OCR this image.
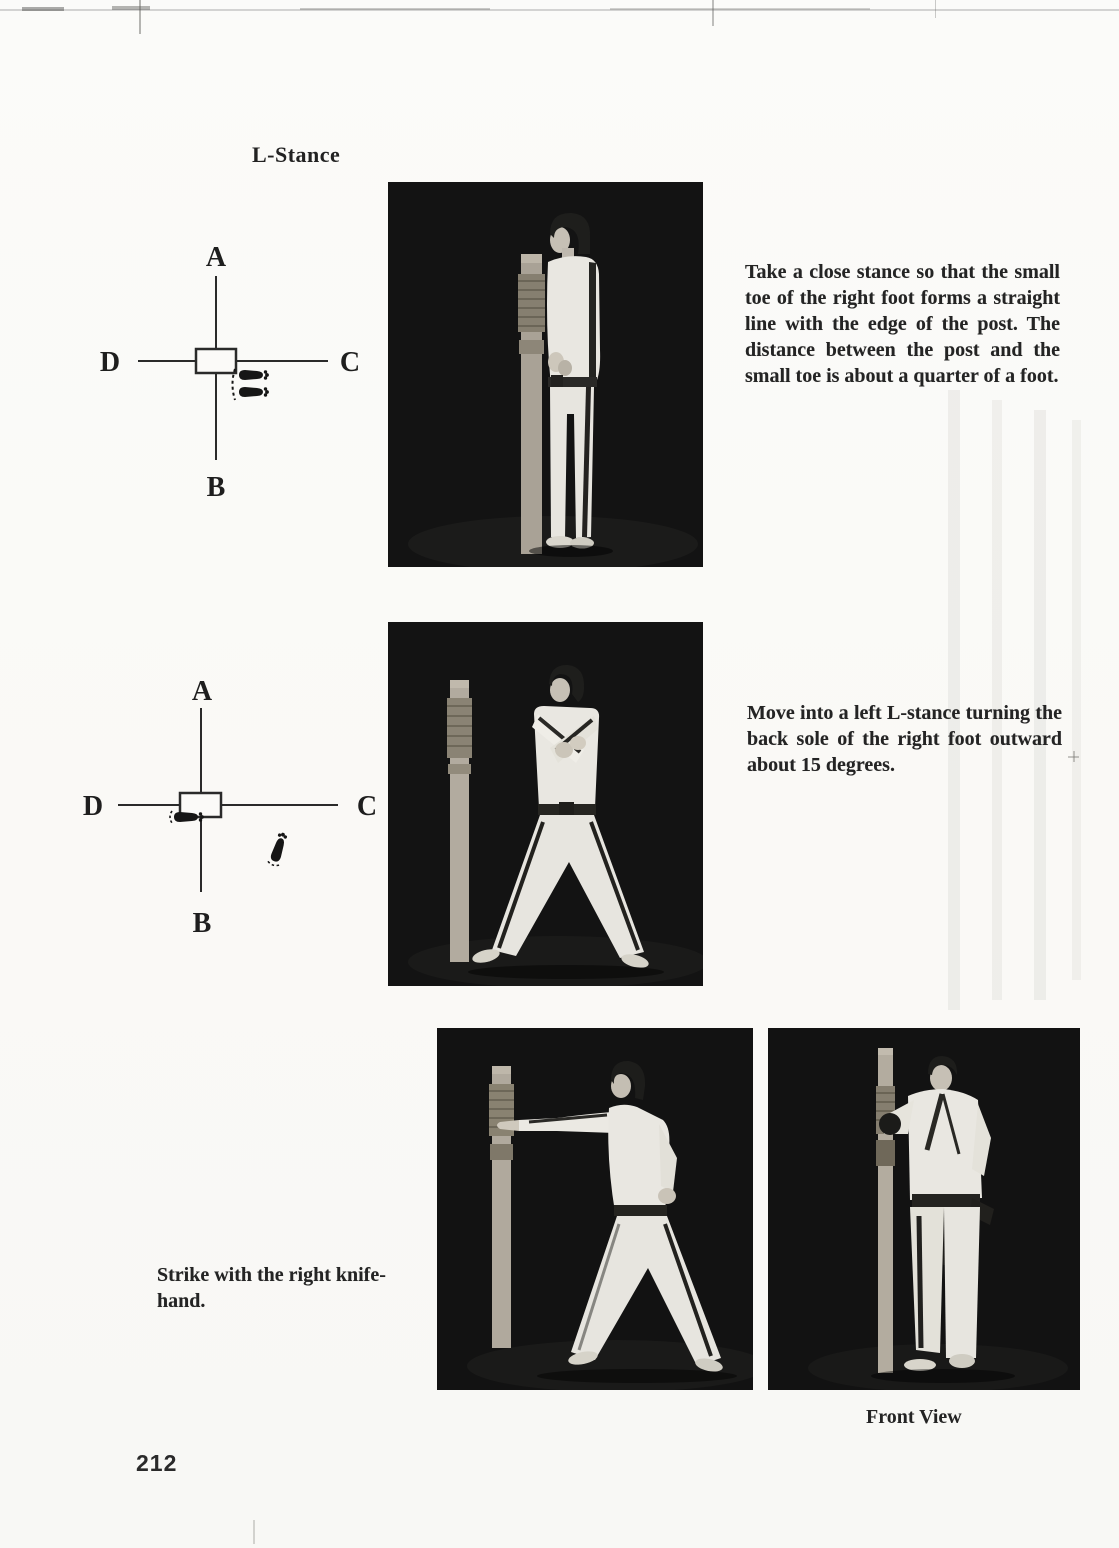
L-Stance
A
B
D	C
Take a close stance so that the small toe of the right foot forms a straight line with the edge of the post. The distance between the post and the small toe is about a quarter of a foot.
A
B
D	C
Move into a left L-stance turning the back sole of the right foot outward about 15 degrees.
Strike with the right knife-hand.
Front View
212
